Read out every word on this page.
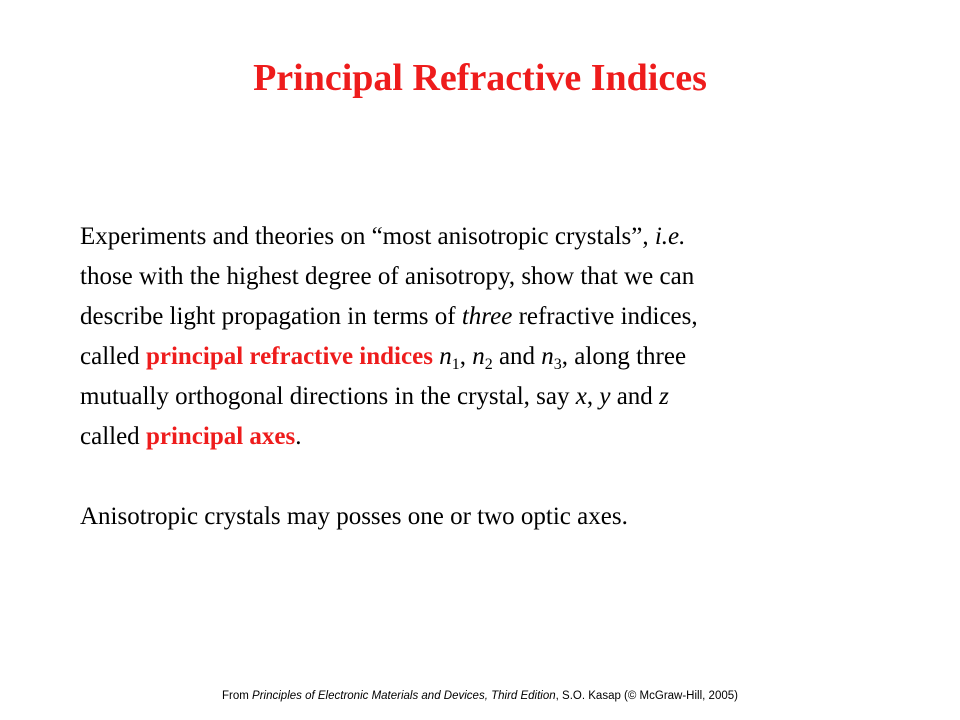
Principal Refractive Indices
Experiments and theories on “most anisotropic crystals”, i.e.
those with the highest degree of anisotropy, show that we can
describe light propagation in terms of three refractive indices,
called principal refractive indices $n_1$, $n_2$ and $n_3$, along three
mutually orthogonal directions in the crystal, say x, y and z
called principal axes.
Anisotropic crystals may posses one or two optic axes.
From Principles of Electronic Materials and Devices, Third Edition, S.O. Kasap (© McGraw-Hill, 2005)
